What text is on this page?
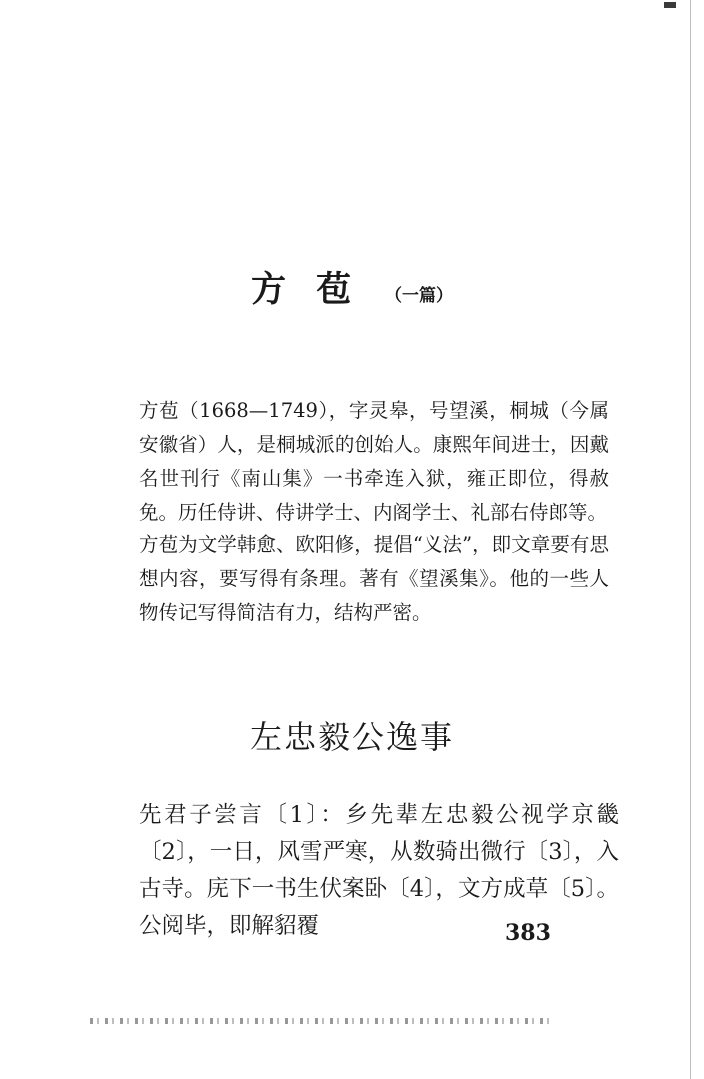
方苞 （一篇）

方苞（1668—1749），字灵皋，号望溪，桐城（今属安徽省）人，是桐城派的创始人。康熙年间进士，因戴名世刊行《南山集》一书牵连入狱，雍正即位，得赦免。历任侍讲、侍讲学士、内阁学士、礼部右侍郎等。

方苞为文学韩愈、欧阳修，提倡“义法”，即文章要有思想内容，要写得有条理。著有《望溪集》。他的一些人物传记写得简洁有力，结构严密。

左忠毅公逸事

先君子尝言〔1〕：乡先辈左忠毅公视学京畿〔2〕，一日，风雪严寒，从数骑出微行〔3〕，入古寺。庑下一书生伏案卧〔4〕，文方成草〔5〕。公阅毕，即解貂覆	383
